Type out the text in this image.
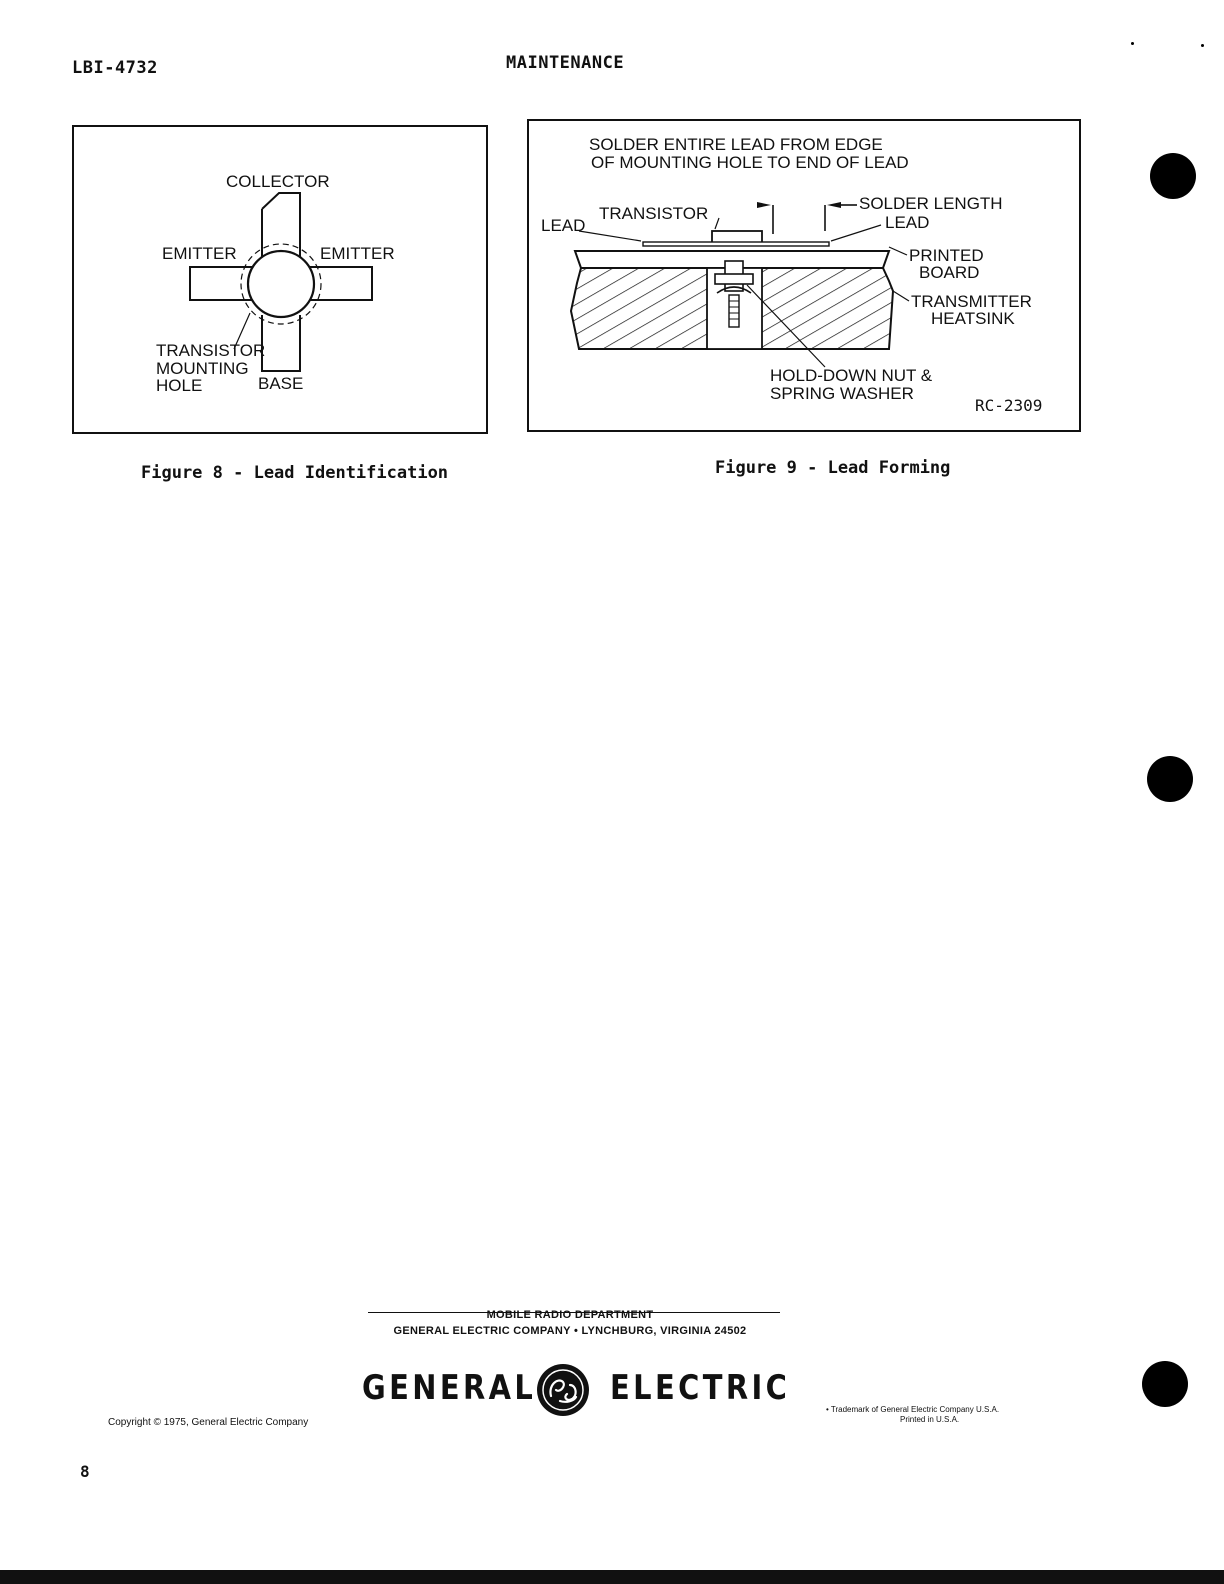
LBI-4732	MAINTENANCE
COLLECTOR
EMITTER	EMITTER
TRANSISTOR
MOUNTING
HOLE	BASE
Figure 8 - Lead Identification
SOLDER ENTIRE LEAD FROM EDGE
OF MOUNTING HOLE TO END OF LEAD
LEAD
TRANSISTOR
SOLDER LENGTH
LEAD
PRINTED
BOARD
TRANSMITTER
HEATSINK
HOLD-DOWN NUT &
SPRING WASHER
RC-2309
Figure 9 - Lead Forming
MOBILE RADIO DEPARTMENT
GENERAL ELECTRIC COMPANY • LYNCHBURG, VIRGINIA 24502
GENERAL ELECTRIC
Copyright © 1975, General Electric Company
• Trademark of General Electric Company U.S.A.
Printed in U.S.A.
8
